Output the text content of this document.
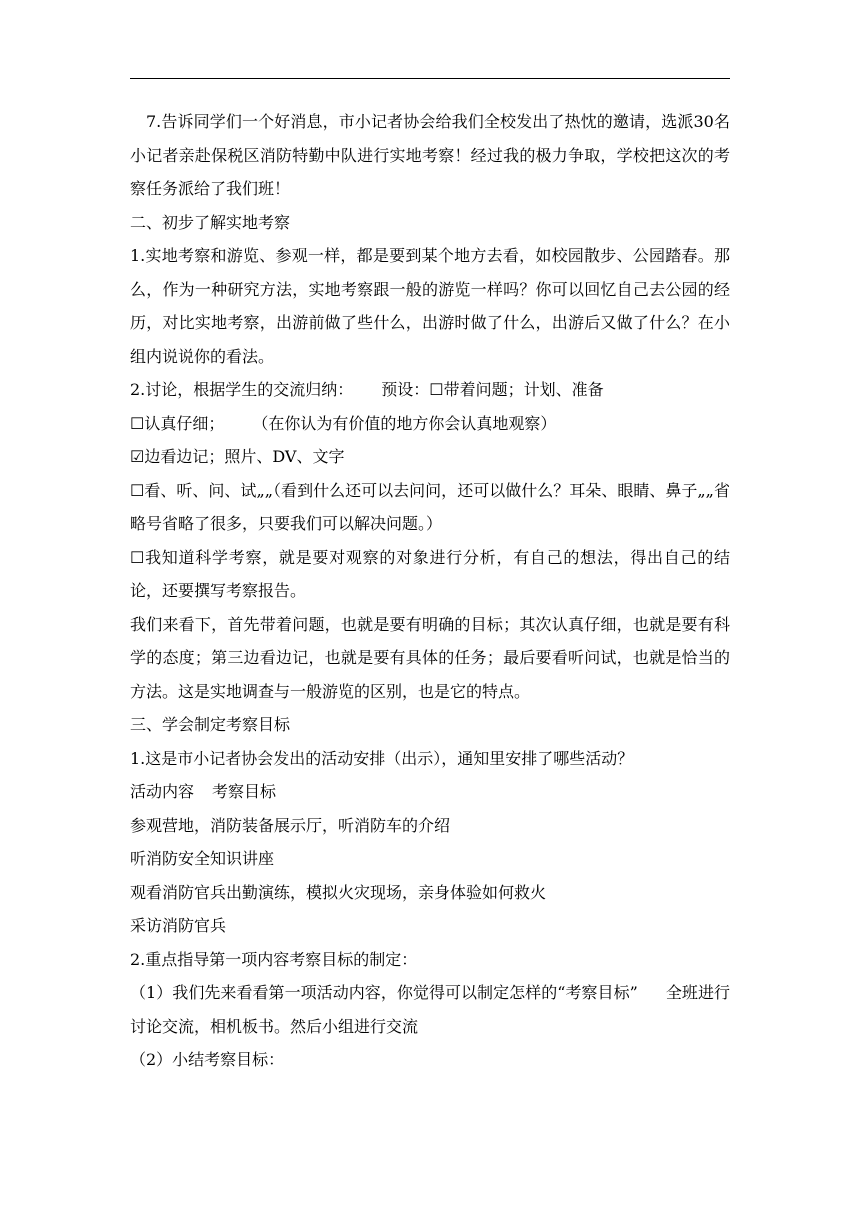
7.告诉同学们一个好消息，市小记者协会给我们全校发出了热忱的邀请，选派30名小记者亲赴保税区消防特勤中队进行实地考察！经过我的极力争取，学校把这次的考察任务派给了我们班！

二、初步了解实地考察

1.实地考察和游览、参观一样，都是要到某个地方去看，如校园散步、公园踏春。那么，作为一种研究方法，实地考察跟一般的游览一样吗？你可以回忆自己去公园的经历，对比实地考察，出游前做了些什么，出游时做了什么，出游后又做了什么？在小组内说说你的看法。

2.讨论，根据学生的交流归纳： 预设：☐带着问题；计划、准备

☐认真仔细； （在你认为有价值的地方你会认真地观察）

☑边看边记；照片、DV、文字

☐看、听、问、试„„（看到什么还可以去问问，还可以做什么？耳朵、眼睛、鼻子„„省略号省略了很多，只要我们可以解决问题。）

☐我知道科学考察，就是要对观察的对象进行分析，有自己的想法，得出自己的结论，还要撰写考察报告。

我们来看下，首先带着问题，也就是要有明确的目标；其次认真仔细，也就是要有科学的态度；第三边看边记，也就是要有具体的任务；最后要看听问试，也就是恰当的方法。这是实地调查与一般游览的区别，也是它的特点。

三、学会制定考察目标

1.这是市小记者协会发出的活动安排（出示），通知里安排了哪些活动？

活动内容 考察目标

参观营地，消防装备展示厅，听消防车的介绍

听消防安全知识讲座

观看消防官兵出勤演练，模拟火灾现场，亲身体验如何救火

采访消防官兵

2.重点指导第一项内容考察目标的制定：

（1）我们先来看看第一项活动内容，你觉得可以制定怎样的“考察目标” 全班进行讨论交流，相机板书。然后小组进行交流

（2）小结考察目标：
